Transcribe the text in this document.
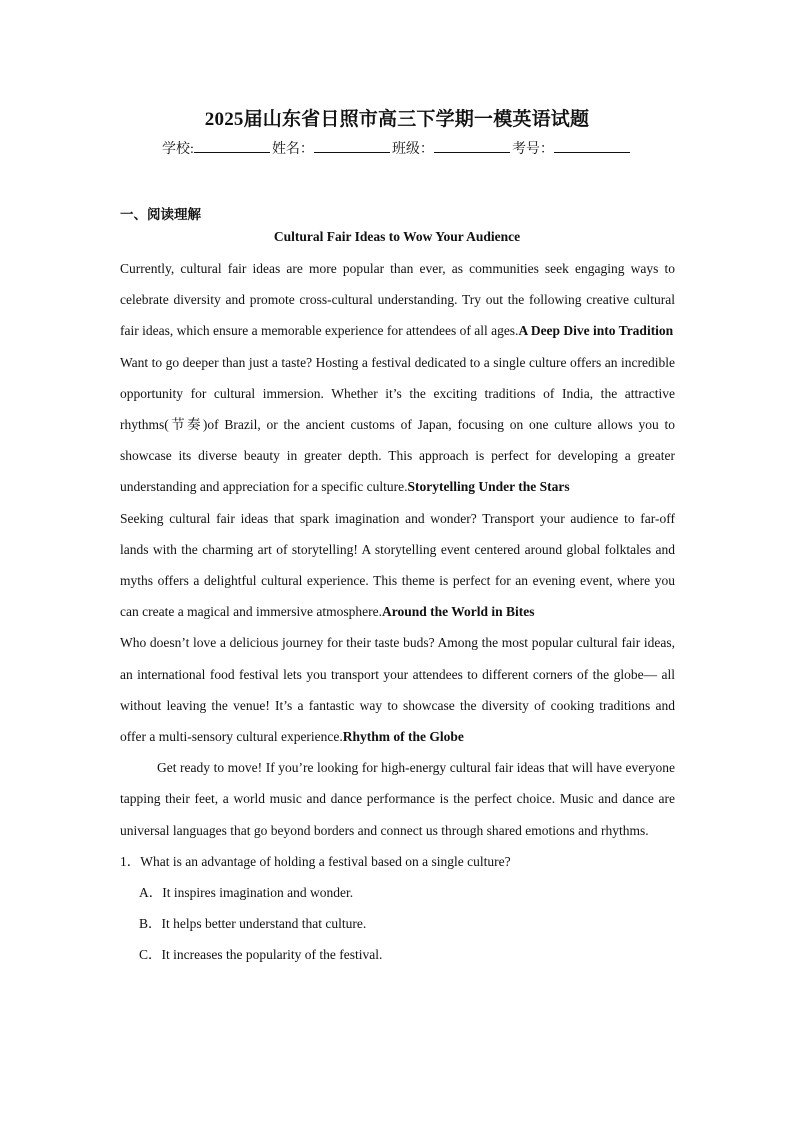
2025届山东省日照市高三下学期一模英语试题
学校:	姓名：	班级：	考号：
一、阅读理解
Cultural Fair Ideas to Wow Your Audience

Currently, cultural fair ideas are more popular than ever, as communities seek engaging ways to celebrate diversity and promote cross-cultural understanding. Try out the following creative cultural fair ideas, which ensure a memorable experience for attendees of all ages.A Deep Dive into Tradition

Want to go deeper than just a taste? Hosting a festival dedicated to a single culture offers an incredible opportunity for cultural immersion. Whether it’s the exciting traditions of India, the attractive rhythms(节奏)of Brazil, or the ancient customs of Japan, focusing on one culture allows you to showcase its diverse beauty in greater depth. This approach is perfect for developing a greater understanding and appreciation for a specific culture.Storytelling Under the Stars

Seeking cultural fair ideas that spark imagination and wonder? Transport your audience to far-off lands with the charming art of storytelling! A storytelling event centered around global folktales and myths offers a delightful cultural experience. This theme is perfect for an evening event, where you can create a magical and immersive atmosphere.Around the World in Bites

Who doesn’t love a delicious journey for their taste buds? Among the most popular cultural fair ideas, an international food festival lets you transport your attendees to different corners of the globe— all without leaving the venue! It’s a fantastic way to showcase the diversity of cooking traditions and offer a multi-sensory cultural experience.Rhythm of the Globe

Get ready to move! If you’re looking for high-energy cultural fair ideas that will have everyone tapping their feet, a world music and dance performance is the perfect choice. Music and dance are universal languages that go beyond borders and connect us through shared emotions and rhythms.

1．What is an advantage of holding a festival based on a single culture?

A．It inspires imagination and wonder.

B．It helps better understand that culture.

C．It increases the popularity of the festival.
